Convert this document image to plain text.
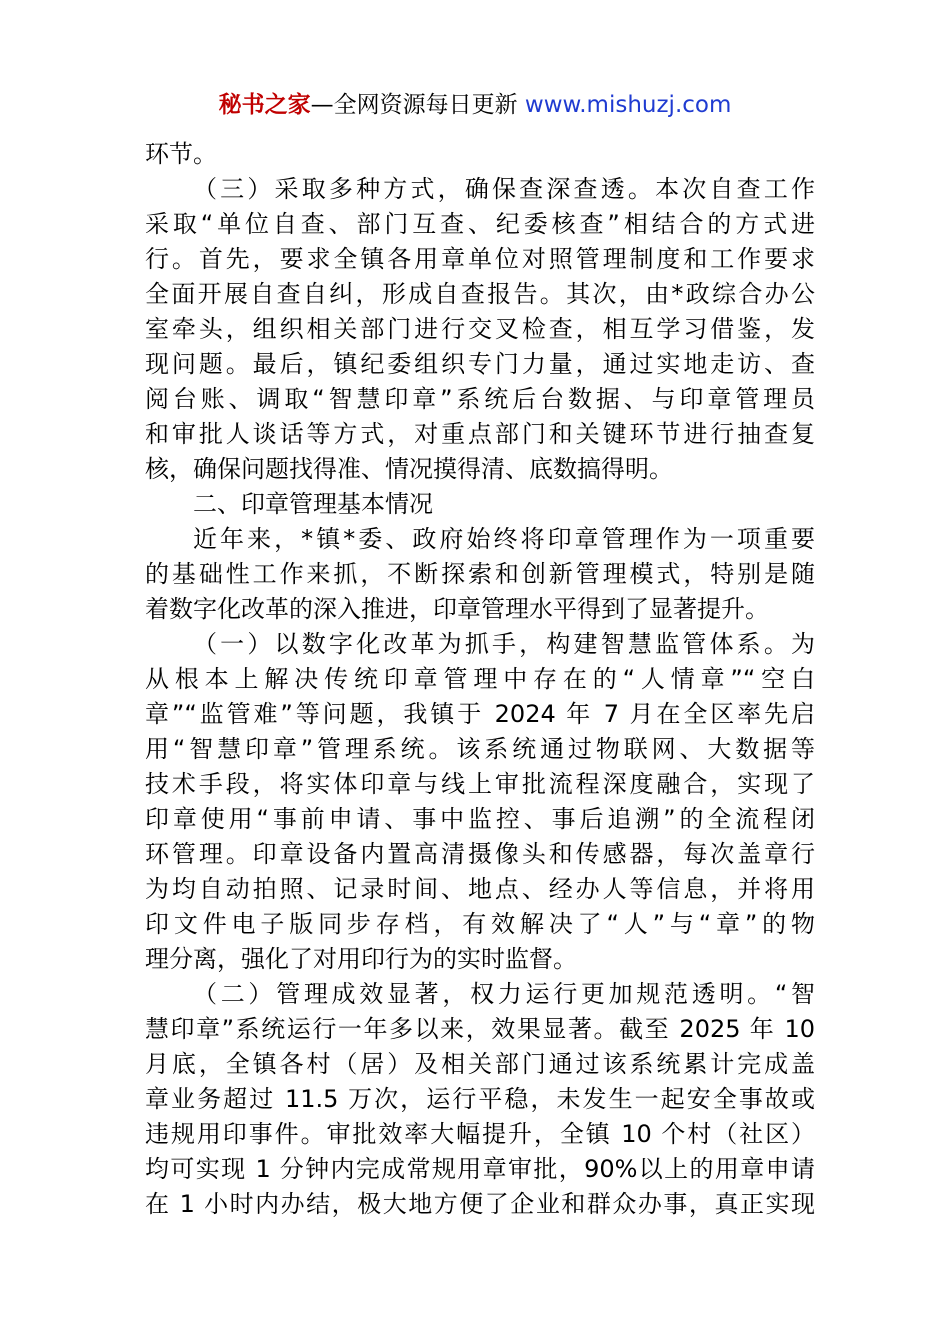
秘书之家—全网资源每日更新 www.mishuzj.com
环节。
（三）采取多种方式，确保查深查透。本次自查工作
采取“单位自查、部门互查、纪委核查”相结合的方式进
行。首先，要求全镇各用章单位对照管理制度和工作要求
全面开展自查自纠，形成自查报告。其次，由*政综合办公
室牵头，组织相关部门进行交叉检查，相互学习借鉴，发
现问题。最后，镇纪委组织专门力量，通过实地走访、查
阅台账、调取“智慧印章”系统后台数据、与印章管理员
和审批人谈话等方式，对重点部门和关键环节进行抽查复
核，确保问题找得准、情况摸得清、底数搞得明。
二、印章管理基本情况
近年来，*镇*委、政府始终将印章管理作为一项重要
的基础性工作来抓，不断探索和创新管理模式，特别是随
着数字化改革的深入推进，印章管理水平得到了显著提升。
（一）以数字化改革为抓手，构建智慧监管体系。为
从根本上解决传统印章管理中存在的“人情章”“空白
章”“监管难”等问题，我镇于 2024 年 7 月在全区率先启
用“智慧印章”管理系统。该系统通过物联网、大数据等
技术手段，将实体印章与线上审批流程深度融合，实现了
印章使用“事前申请、事中监控、事后追溯”的全流程闭
环管理。印章设备内置高清摄像头和传感器，每次盖章行
为均自动拍照、记录时间、地点、经办人等信息，并将用
印文件电子版同步存档，有效解决了“人”与“章”的物
理分离，强化了对用印行为的实时监督。
（二）管理成效显著，权力运行更加规范透明。“智
慧印章”系统运行一年多以来，效果显著。截至 2025 年 10
月底，全镇各村（居）及相关部门通过该系统累计完成盖
章业务超过 11.5 万次，运行平稳，未发生一起安全事故或
违规用印事件。审批效率大幅提升，全镇 10 个村（社区）
均可实现 1 分钟内完成常规用章审批，90%以上的用章申请
在 1 小时内办结，极大地方便了企业和群众办事，真正实现
